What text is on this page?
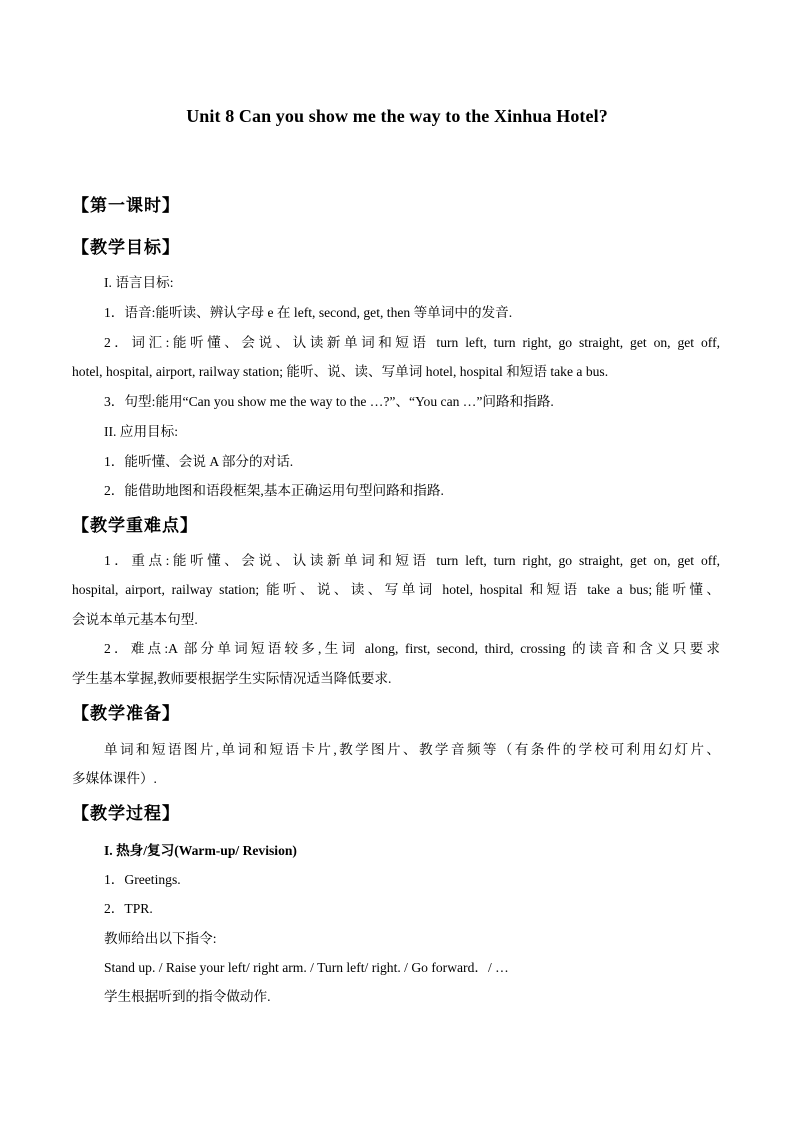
Unit 8 Can you show me the way to the Xinhua Hotel?
【第一课时】
【教学目标】
I. 语言目标:
1．语音:能听读、辨认字母 e 在 left, second, get, then 等单词中的发音.
2．词汇:能听懂、会说、认读新单词和短语 turn left, turn right, go straight, get on, get off,
hotel, hospital, airport, railway station; 能听、说、读、写单词 hotel, hospital 和短语 take a bus.
3．句型:能用“Can you show me the way to the …?”、“You can …”问路和指路.
II. 应用目标:
1．能听懂、会说 A 部分的对话.
2．能借助地图和语段框架,基本正确运用句型问路和指路.
【教学重难点】
1．重点:能听懂、会说、认读新单词和短语 turn left, turn right, go straight, get on, get off,
hospital, airport, railway station; 能听、说、读、写单词 hotel, hospital 和短语 take a bus;能听懂、
会说本单元基本句型.
2．难点:A 部分单词短语较多,生词 along, first, second, third, crossing 的读音和含义只要求
学生基本掌握,教师要根据学生实际情况适当降低要求.
【教学准备】
单词和短语图片,单词和短语卡片,教学图片、教学音频等（有条件的学校可利用幻灯片、
多媒体课件）.
【教学过程】
I. 热身/复习(Warm-up/ Revision)
1．Greetings.
2．TPR.
教师给出以下指令:
Stand up. / Raise your left/ right arm. / Turn left/ right. / Go forward．/ …
学生根据听到的指令做动作.
